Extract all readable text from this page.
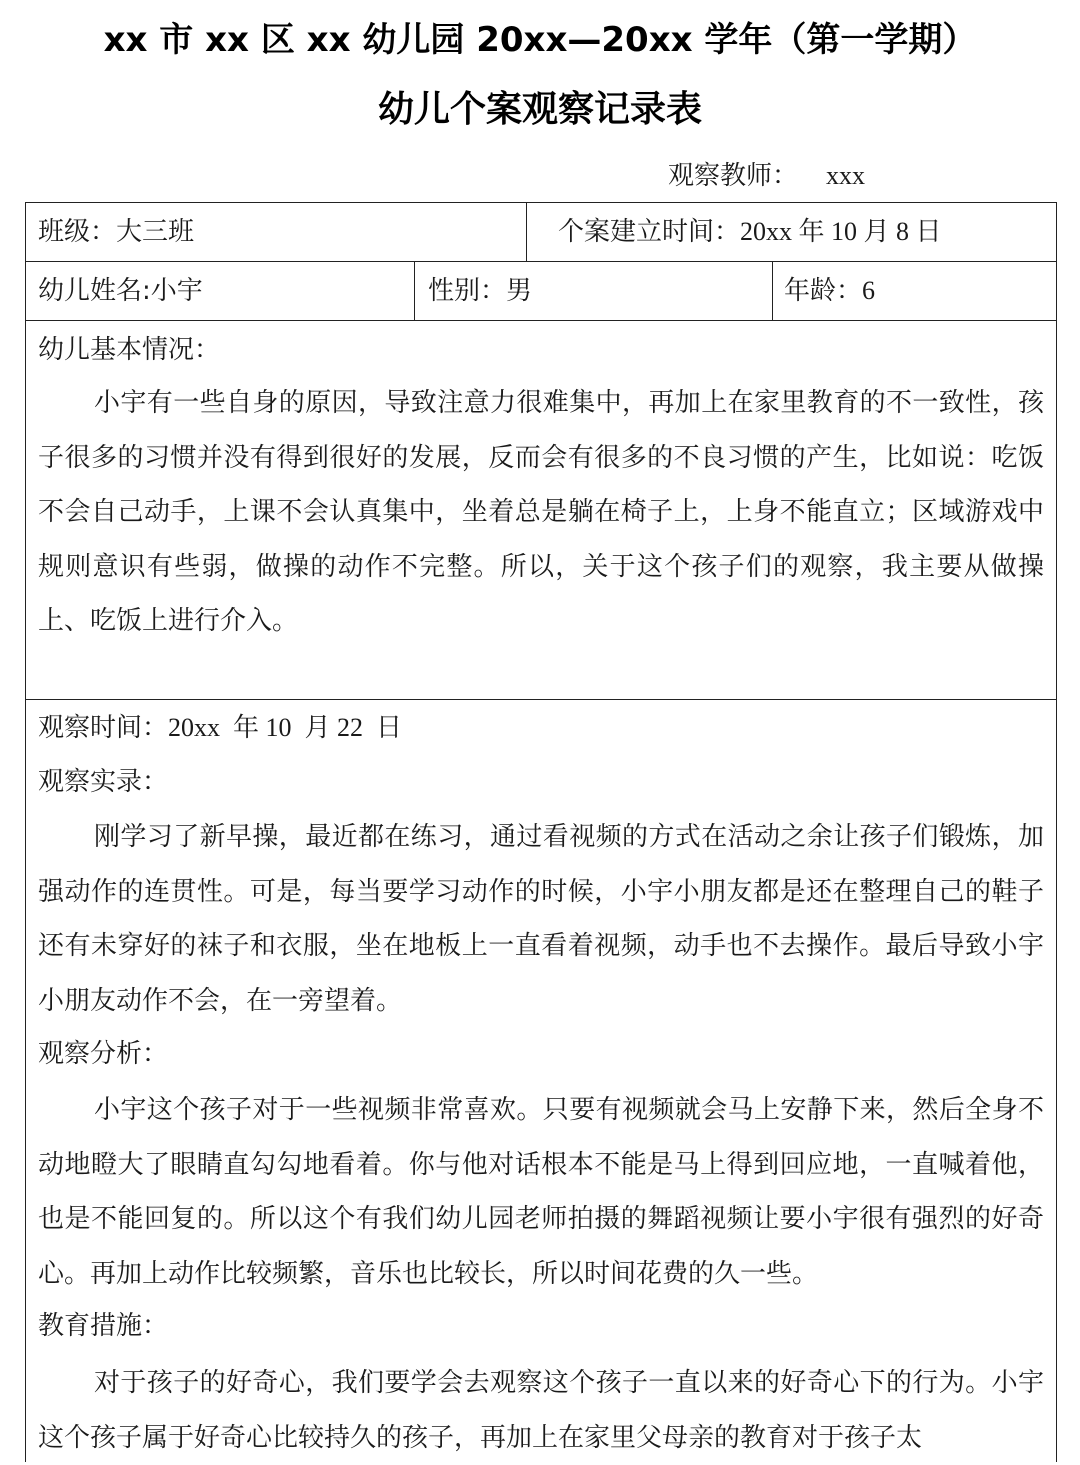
xx 市 xx 区 xx 幼儿园 20xx—20xx 学年（第一学期）
幼儿个案观察记录表
观察教师： xxx
班级：大三班	个案建立时间：20xx 年 10 月 8 日
幼儿姓名:小宇	性别：男	年龄：6
幼儿基本情况：

小宇有一些自身的原因，导致注意力很难集中，再加上在家里教育的不一致性，孩子很多的习惯并没有得到很好的发展，反而会有很多的不良习惯的产生，比如说：吃饭不会自己动手，上课不会认真集中，坐着总是躺在椅子上，上身不能直立；区域游戏中规则意识有些弱，做操的动作不完整。所以，关于这个孩子们的观察，我主要从做操上、吃饭上进行介入。

观察时间：20xx  年 10  月 22  日
观察实录：

刚学习了新早操，最近都在练习，通过看视频的方式在活动之余让孩子们锻炼，加强动作的连贯性。可是，每当要学习动作的时候，小宇小朋友都是还在整理自己的鞋子还有未穿好的袜子和衣服，坐在地板上一直看着视频，动手也不去操作。最后导致小宇小朋友动作不会，在一旁望着。

观察分析：

小宇这个孩子对于一些视频非常喜欢。只要有视频就会马上安静下来，然后全身不动地瞪大了眼睛直勾勾地看着。你与他对话根本不能是马上得到回应地，一直喊着他，也是不能回复的。所以这个有我们幼儿园老师拍摄的舞蹈视频让要小宇很有强烈的好奇心。再加上动作比较频繁，音乐也比较长，所以时间花费的久一些。

教育措施：

对于孩子的好奇心，我们要学会去观察这个孩子一直以来的好奇心下的行为。小宇这个孩子属于好奇心比较持久的孩子，再加上在家里父母亲的教育对于孩子太
